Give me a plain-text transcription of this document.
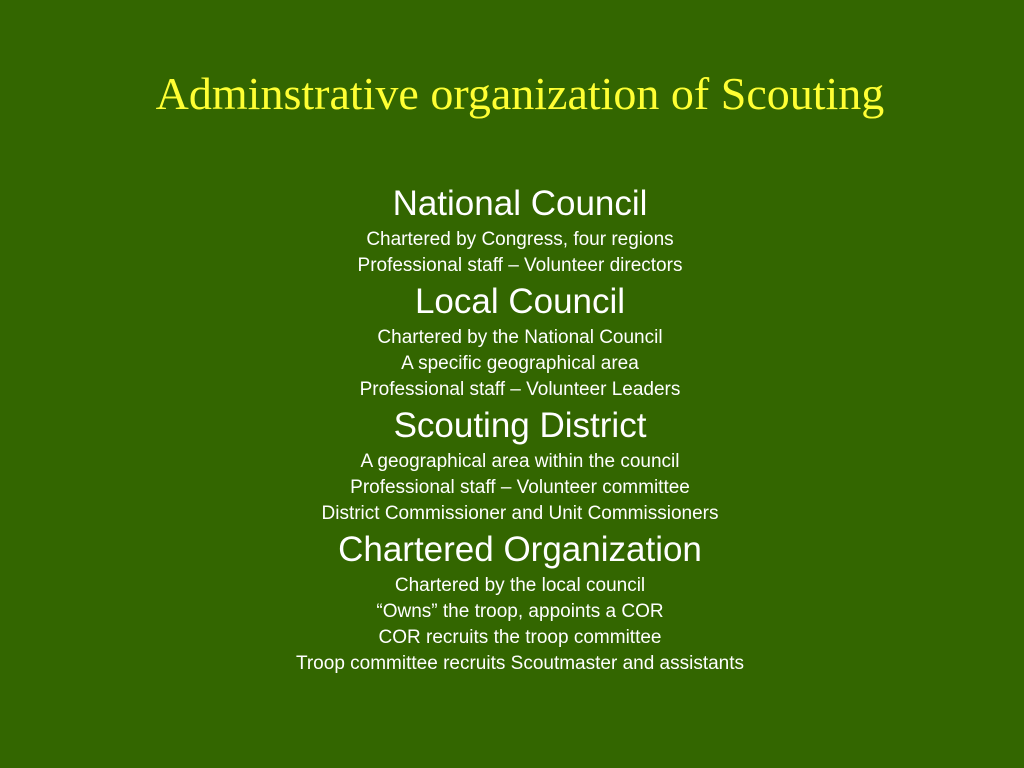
Adminstrative organization of Scouting
National Council

Chartered by Congress, four regions

Professional staff – Volunteer directors

Local Council

Chartered by the National Council

A specific geographical area

Professional staff – Volunteer Leaders

Scouting District

A geographical area within the council

Professional staff – Volunteer committee

District Commissioner and Unit Commissioners

Chartered Organization

Chartered by the local council

“Owns” the troop, appoints a COR

COR recruits the troop committee

Troop committee recruits Scoutmaster and assistants
